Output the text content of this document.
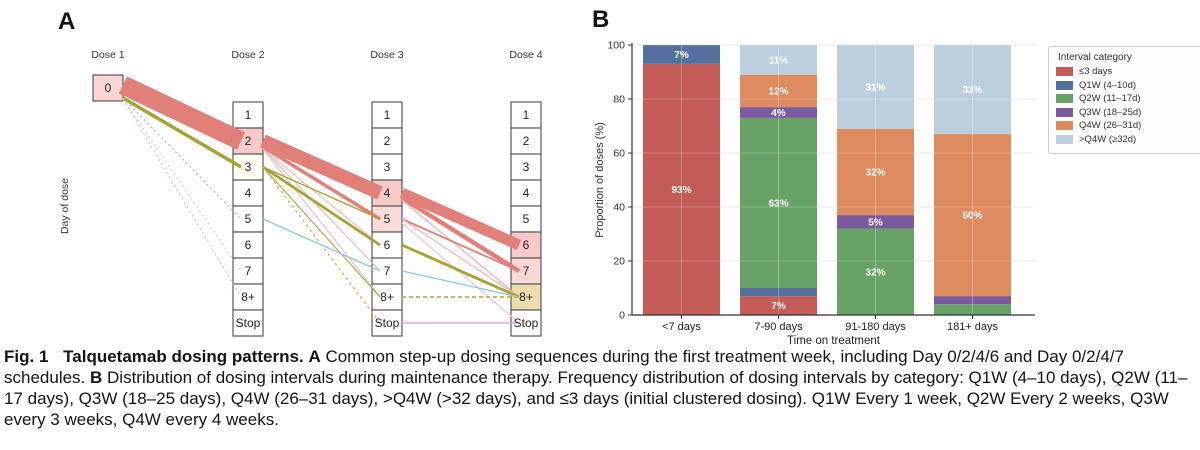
A	B
Day of dose
Dose 1	Dose 2	Dose 3	Dose 4
0
1
2
3
4
5
6
7
8+
Stop
1
2
3
4
5
6
7
8+
Stop
1
2
3
4
5
6
7
8+
Stop
93%
7%
7%
63%
4%
12%
11%
32%
5%
32%
31%
60%
33%
0
20
40
60
80
100
<7 days	7-90 days	91-180 days	181+ days
Time on treatment
Proportion of doses (%)
Interval category
≤3 days
Q1W (4–10d)
Q2W (11–17d)
Q3W (18–25d)
Q4W (26–31d)
>Q4W (≥32d)
Fig. 1 Talquetamab dosing patterns. A Common step-up dosing sequences during the first treatment week, including Day 0/2/4/6 and Day 0/2/4/7 schedules. B Distribution of dosing intervals during maintenance therapy. Frequency distribution of dosing intervals by category: Q1W (4–10 days), Q2W (11–17 days), Q3W (18–25 days), Q4W (26–31 days), >Q4W (>32 days), and ≤3 days (initial clustered dosing). Q1W Every 1 week, Q2W Every 2 weeks, Q3W every 3 weeks, Q4W every 4 weeks.
